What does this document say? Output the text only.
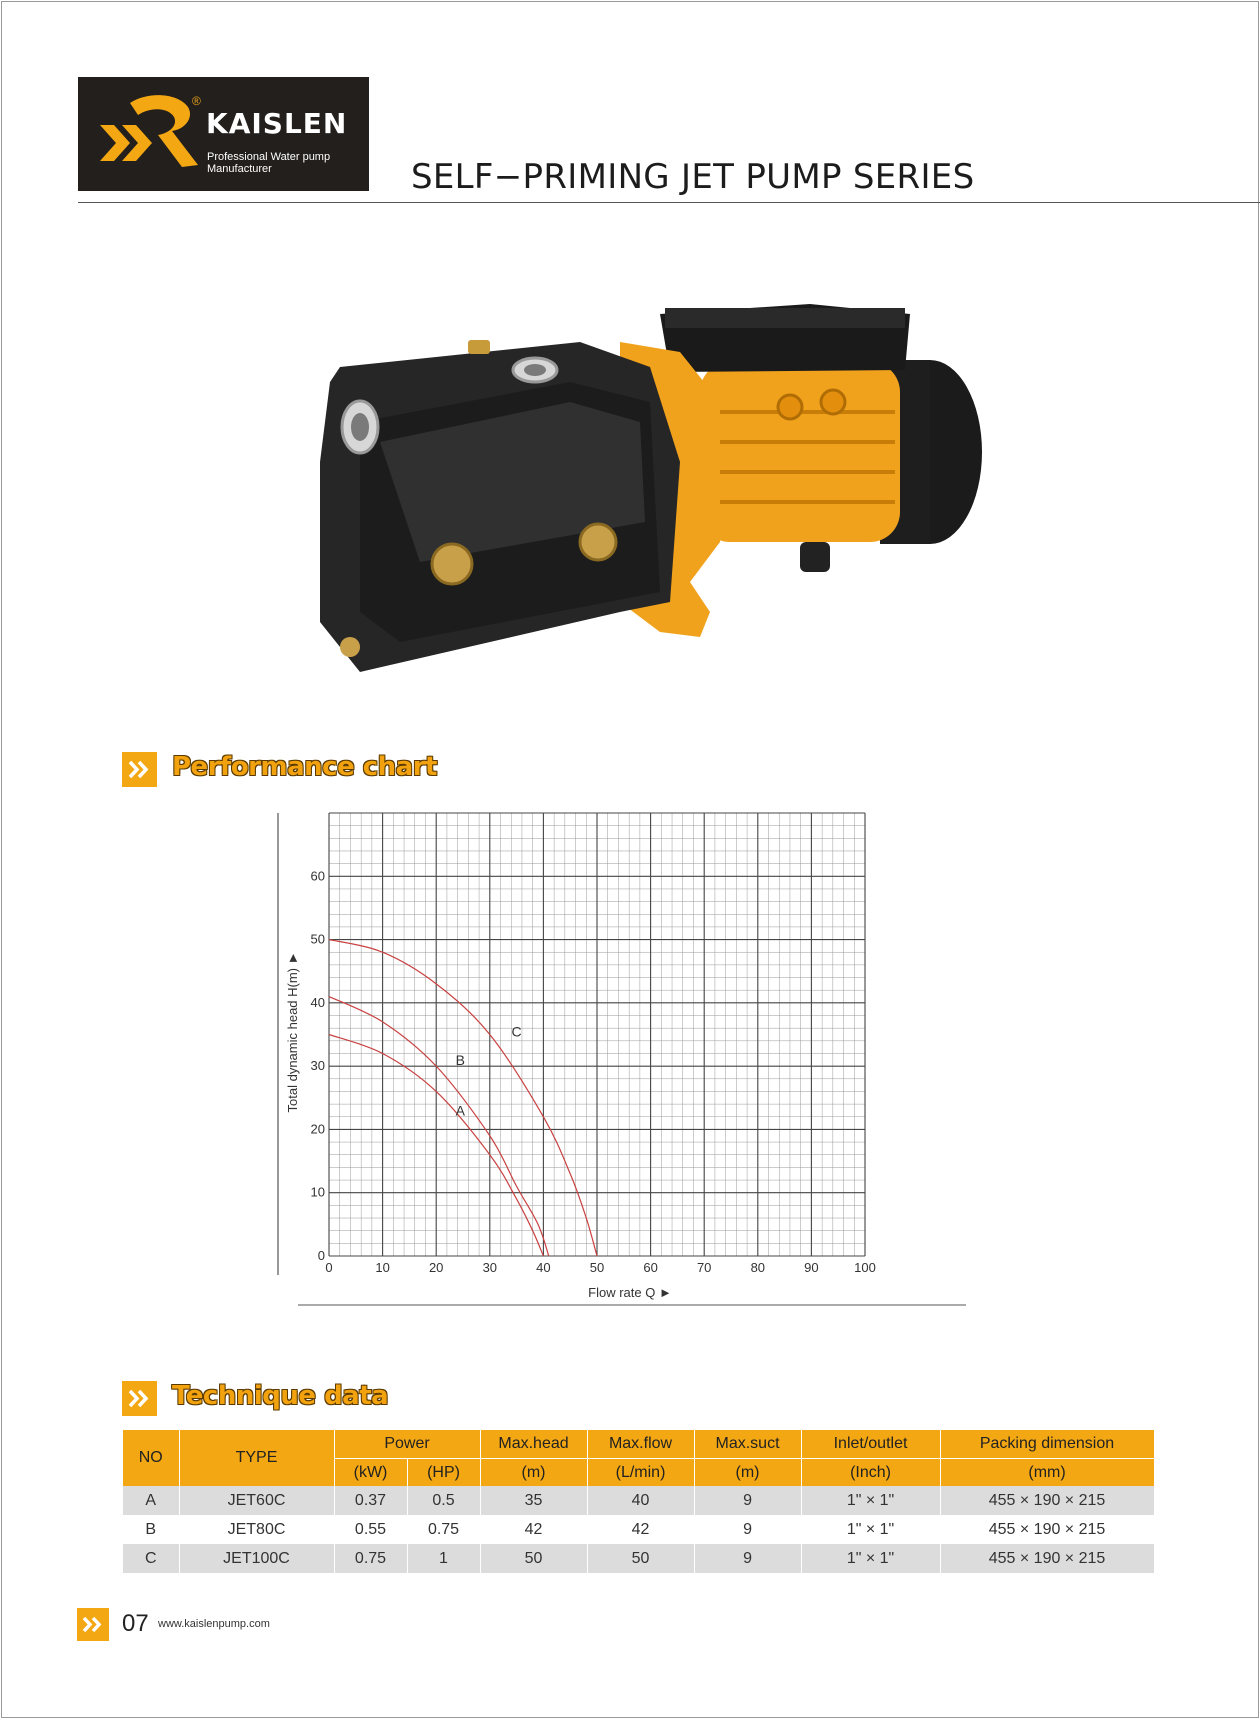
®
KAISLEN
Professional Water pump
Manufacturer	SELF−PRIMING JET PUMP SERIES
Performance chart
0	10	20	30	40	50	60	70	80	90	100
0
10
20
30
40
50
60
A
B
C
Flow rate Q ►
Total dynamic head H(m) ►
Technique data
NO	TYPE	Power		Max.head	Max.flow	Max.suct	Inlet/outlet	Packing dimension
		(kW)	(HP)	(m)	(L/min)	(m)	(Inch)	(mm)
A	JET60C	0.37	0.5	35	40	9	1" × 1"	455 × 190 × 215
B	JET80C	0.55	0.75	42	42	9	1" × 1"	455 × 190 × 215
C	JET100C	0.75	1	50	50	9	1" × 1"	455 × 190 × 215
07 www.kaislenpump.com
